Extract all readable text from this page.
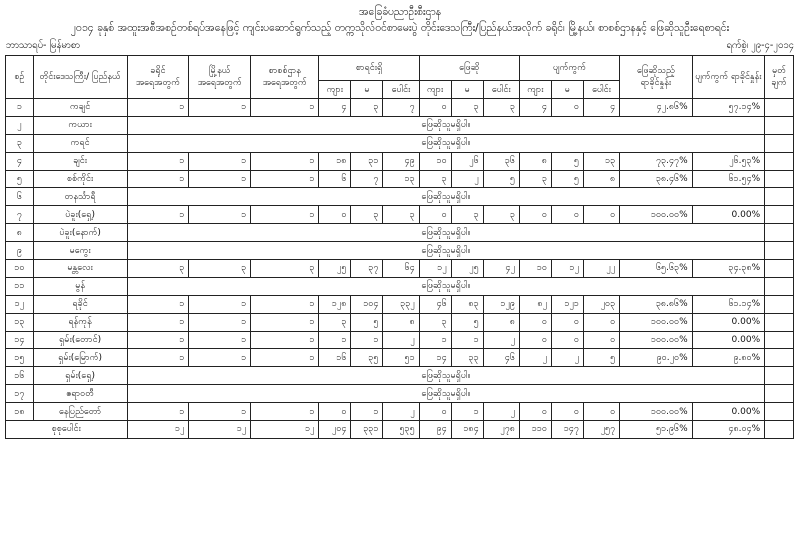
အခြေခံပညာဦးစီးဌာန
၂၀၁၄ ခုနှစ် အထူးအစီအစဉ်တစ်ရပ်အနေဖြင့် ကျင်းပဆောင်ရွက်သည့် တက္ကသိုလ်ဝင်စာမေးပွဲ တိုင်းဒေသကြီး/ပြည်နယ်အလိုက် ခရိုင်၊ မြို့နယ်၊ စာစစ်ဌာနနှင့် ဖြေဆိုသူဦးရေစာရင်း
ဘာသာရပ်- မြန်မာစာ	ရက်စွဲ၊ ၂၉-၄-၂၀၁၄
စဉ်	တိုင်းဒေသကြီး/ ပြည်နယ်	ခရိုင် အရေအတွက်	မြို့နယ် အရေအတွက်	စာစစ်ဌာန အရေအတွက်	စာရင်းရှိ			ဖြေဆို			ပျက်ကွက်			ဖြေဆိုသည့် ရာခိုင်နှုန်း	ပျက်ကွက် ရာခိုင်နှုန်း	မှတ် ချက်
					ကျား	မ	ပေါင်း	ကျား	မ	ပေါင်း	ကျား	မ	ပေါင်း			
၁	ကချင်	၁	၁	၁	၄	၃	၇	၀	၃	၃	၄	၀	၄	၄၂.၈၆%	၅၇.၁၄%	
၂	ကယား	ဖြေဆိုသူမရှိပါ။														
၃	ကရင်	ဖြေဆိုသူမရှိပါ။														
၄	ချင်း	၁	၁	၁	၁၈	၃၁	၄၉	၁၀	၂၆	၃၆	၈	၅	၁၃	၇၃.၄၇%	၂၆.၅၃%	
၅	စစ်ကိုင်း	၁	၁	၁	၆	၇	၁၃	၃	၂	၅	၃	၅	၈	၃၈.၄၆%	၆၁.၅၄%	
၆	တနင်္သာရီ	ဖြေဆိုသူမရှိပါ။														
၇	ပဲခူး(ရှေ့)	၁	၁	၁	၀	၃	၃	၀	၃	၃	၀	၀	၀	၁၀၀.၀၀%	0.00%	
၈	ပဲခူး(နောက်)	ဖြေဆိုသူမရှိပါ။														
၉	မကွေး	ဖြေဆိုသူမရှိပါ။														
၁၀	မန္တလေး	၃	၃	၃	၂၅	၃၇	၆၄	၁၂	၂၅	၄၂	၁၀	၁၂	၂၂	၆၅.၆၃%	၃၄.၃၈%	
၁၁	မွန်	ဖြေဆိုသူမရှိပါ။														
၁၂	ရခိုင်	၁	၁	၁	၁၂၈	၁၀၄	၃၃၂	၄၆	၈၃	၁၂၉	၈၂	၁၂၁	၂၀၃	၃၈.၈၆%	၆၁.၁၄%	
၁၃	ရန်ကုန်	၁	၁	၁	၃	၅	၈	၃	၅	၈	၀	၀	၀	၁၀၀.၀၀%	0.00%	
၁၄	ရှမ်း(တောင်)	၁	၁	၁	၁	၁	၂	၁	၁	၂	၀	၀	၀	၁၀၀.၀၀%	0.00%	
၁၅	ရှမ်း(မြောက်)	၁	၁	၁	၁၆	၃၅	၅၁	၁၄	၃၃	၄၆	၂	၂	၅	၉၀.၂၀%	၉.၈၀%	
၁၆	ရှမ်း(ရှေ့)	ဖြေဆိုသူမရှိပါ။														
၁၇	ဧရာဝတီ	ဖြေဆိုသူမရှိပါ။														
၁၈	နေပြည်တော်	၁	၁	၁	၀	၁	၂	၀	၁	၂	၀	၀	၀	၁၀၀.၀၀%	0.00%	
စုစုပေါင်း		၁၂	၁၂	၁၂	၂၀၄	၃၃၁	၅၃၅	၉၄	၁၈၄	၂၇၈	၁၁၀	၁၄၇	၂၅၇	၅၁.၉၆%	၄၈.၀၄%	
